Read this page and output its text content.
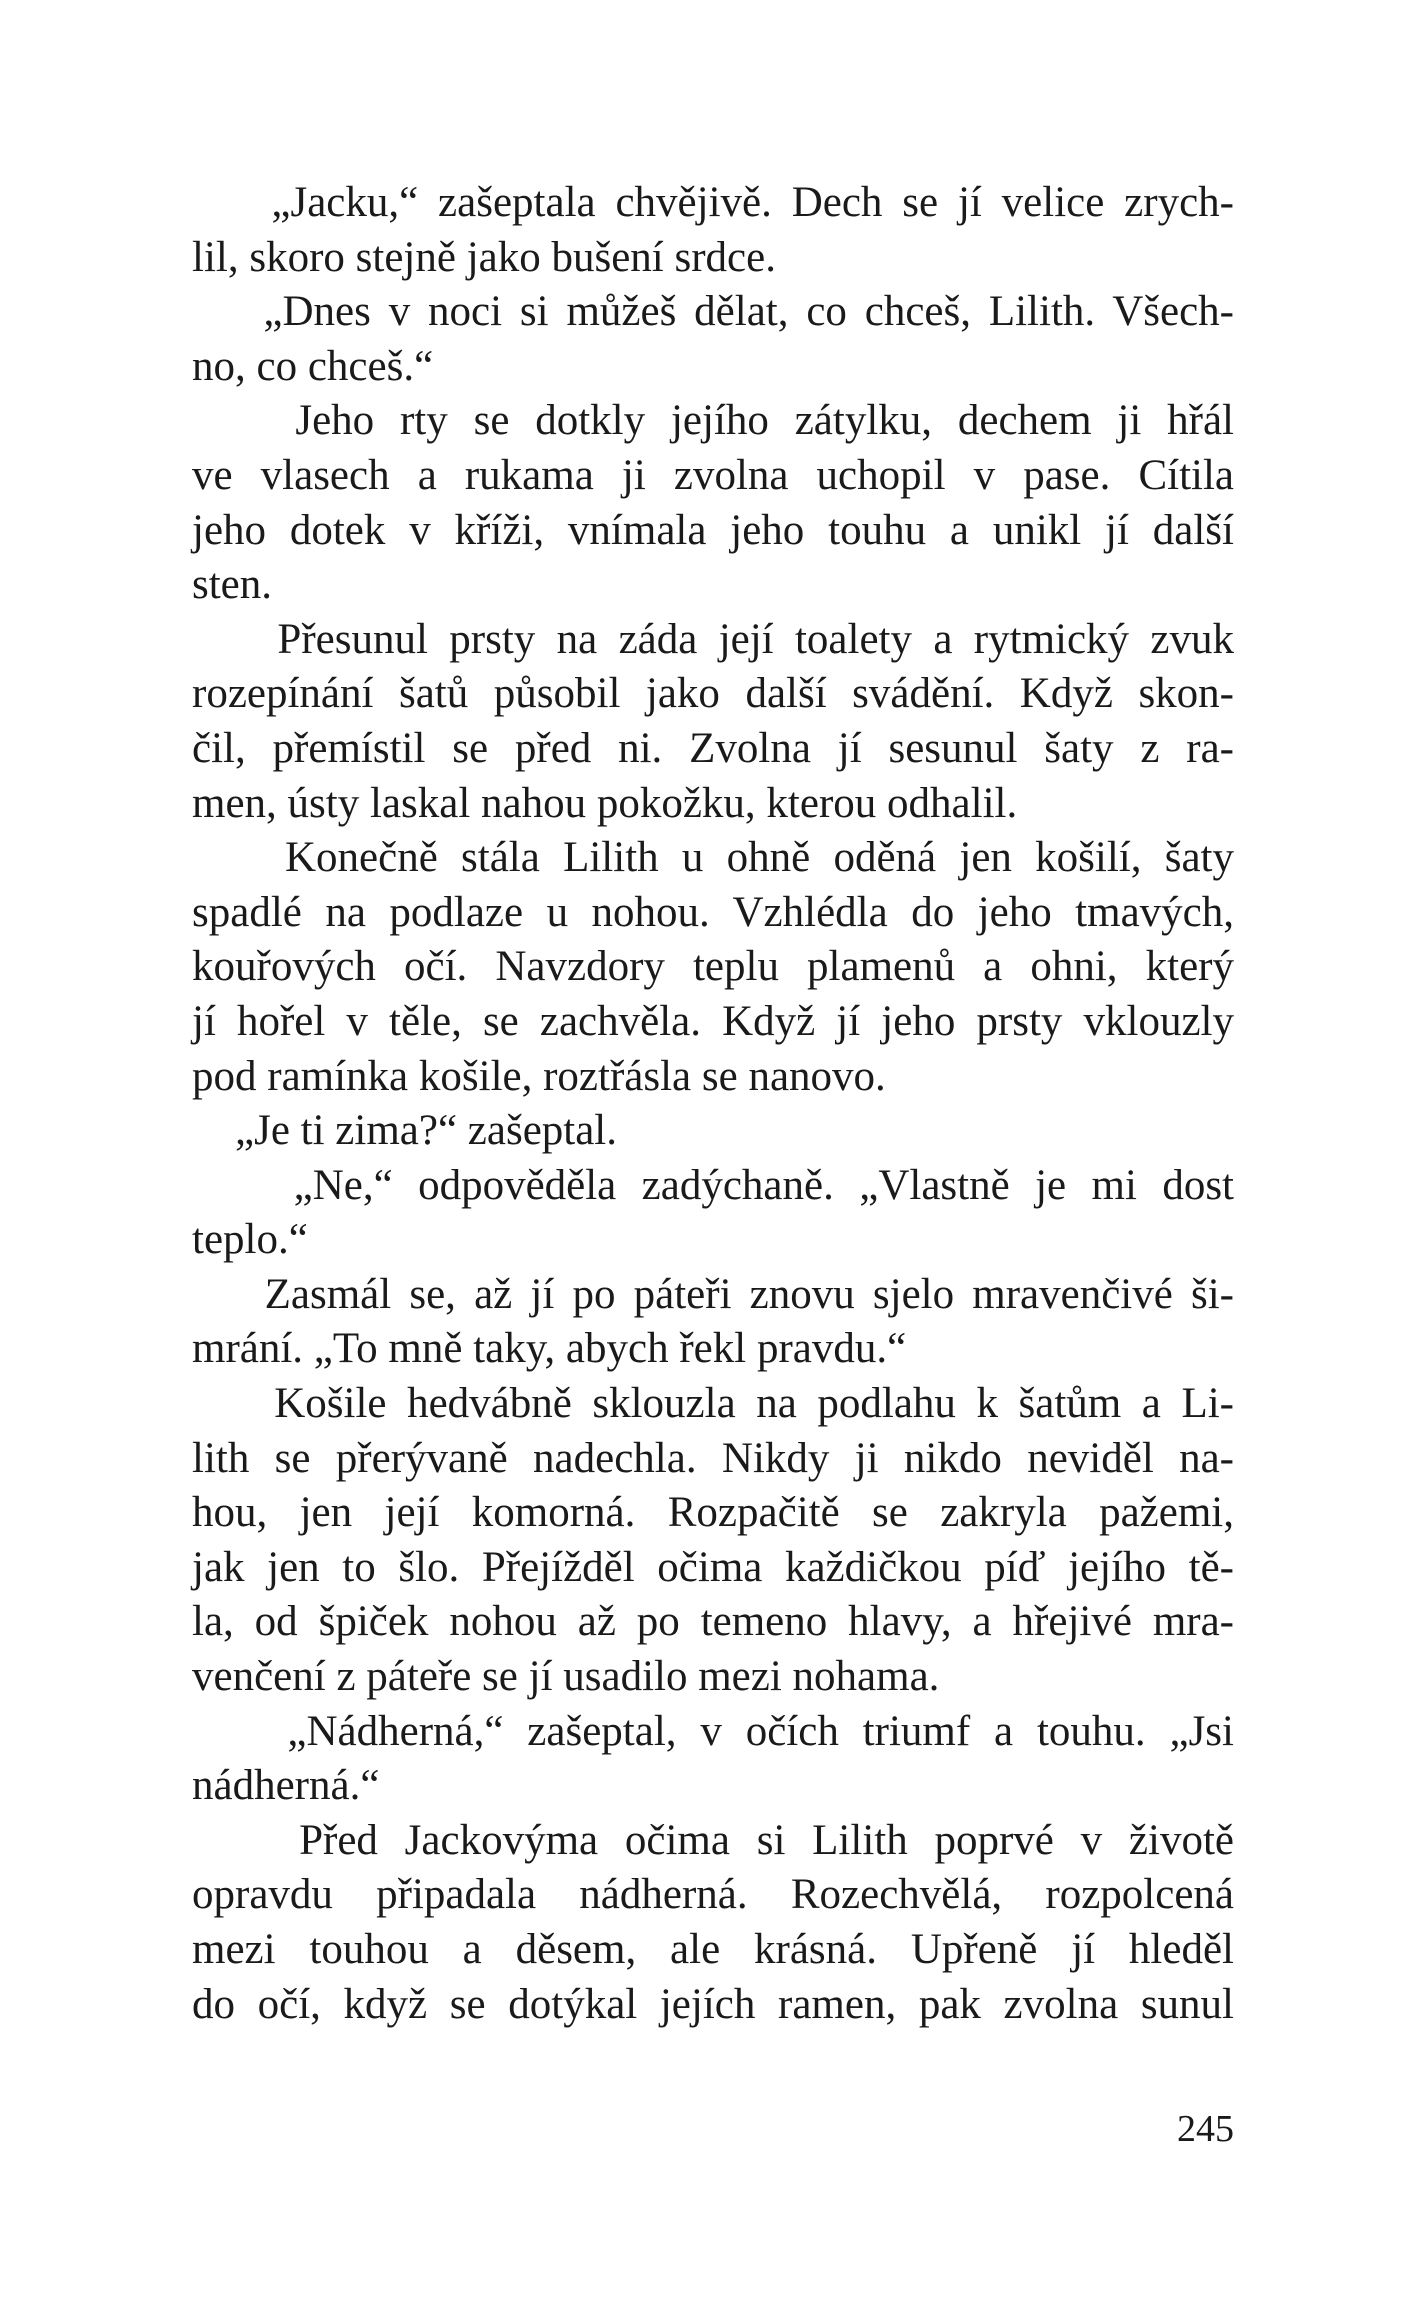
„Jacku,“ zašeptala chvějivě. Dech se jí velice zrych-
lil, skoro stejně jako bušení srdce.
„Dnes v noci si můžeš dělat, co chceš, Lilith. Všech-
no, co chceš.“
Jeho rty se dotkly jejího zátylku, dechem ji hřál
ve vlasech a rukama ji zvolna uchopil v pase. Cítila
jeho dotek v kříži, vnímala jeho touhu a unikl jí další
sten.
Přesunul prsty na záda její toalety a rytmický zvuk
rozepínání šatů působil jako další svádění. Když skon-
čil, přemístil se před ni. Zvolna jí sesunul šaty z ra-
men, ústy laskal nahou pokožku, kterou odhalil.
Konečně stála Lilith u ohně oděná jen košilí, šaty
spadlé na podlaze u nohou. Vzhlédla do jeho tmavých,
kouřových očí. Navzdory teplu plamenů a ohni, který
jí hořel v těle, se zachvěla. Když jí jeho prsty vklouzly
pod ramínka košile, roztřásla se nanovo.
„Je ti zima?“ zašeptal.
„Ne,“ odpověděla zadýchaně. „Vlastně je mi dost
teplo.“
Zasmál se, až jí po páteři znovu sjelo mravenčivé ši-
mrání. „To mně taky, abych řekl pravdu.“
Košile hedvábně sklouzla na podlahu k šatům a Li-
lith se přerývaně nadechla. Nikdy ji nikdo neviděl na-
hou, jen její komorná. Rozpačitě se zakryla pažemi,
jak jen to šlo. Přejížděl očima každičkou píď jejího tě-
la, od špiček nohou až po temeno hlavy, a hřejivé mra-
venčení z páteře se jí usadilo mezi nohama.
„Nádherná,“ zašeptal, v očích triumf a touhu. „Jsi
nádherná.“
Před Jackovýma očima si Lilith poprvé v životě
opravdu připadala nádherná. Rozechvělá, rozpolcená
mezi touhou a děsem, ale krásná. Upřeně jí hleděl
do očí, když se dotýkal jejích ramen, pak zvolna sunul
245
